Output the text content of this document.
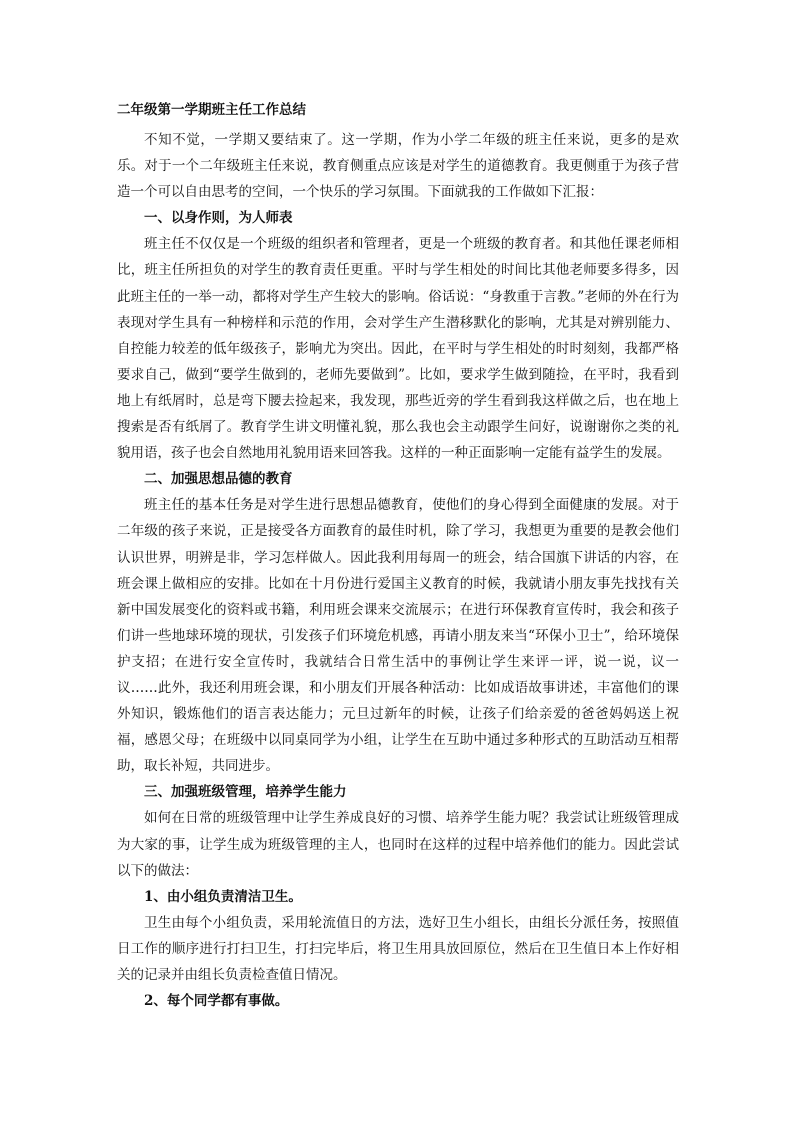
二年级第一学期班主任工作总结

不知不觉，一学期又要结束了。这一学期，作为小学二年级的班主任来说，更多的是欢乐。对于一个二年级班主任来说，教育侧重点应该是对学生的道德教育。我更侧重于为孩子营造一个可以自由思考的空间，一个快乐的学习氛围。下面就我的工作做如下汇报：

一、以身作则，为人师表

班主任不仅仅是一个班级的组织者和管理者，更是一个班级的教育者。和其他任课老师相比，班主任所担负的对学生的教育责任更重。平时与学生相处的时间比其他老师要多得多，因此班主任的一举一动，都将对学生产生较大的影响。俗话说：“身教重于言教。”老师的外在行为表现对学生具有一种榜样和示范的作用，会对学生产生潜移默化的影响，尤其是对辨别能力、自控能力较差的低年级孩子，影响尤为突出。因此，在平时与学生相处的时时刻刻，我都严格要求自己，做到“要学生做到的，老师先要做到”。比如，要求学生做到随捡，在平时，我看到地上有纸屑时，总是弯下腰去捡起来，我发现，那些近旁的学生看到我这样做之后，也在地上搜索是否有纸屑了。教育学生讲文明懂礼貌，那么我也会主动跟学生问好，说谢谢你之类的礼貌用语，孩子也会自然地用礼貌用语来回答我。这样的一种正面影响一定能有益学生的发展。

二、加强思想品德的教育

班主任的基本任务是对学生进行思想品德教育，使他们的身心得到全面健康的发展。对于二年级的孩子来说，正是接受各方面教育的最佳时机，除了学习，我想更为重要的是教会他们认识世界，明辨是非，学习怎样做人。因此我利用每周一的班会，结合国旗下讲话的内容，在班会课上做相应的安排。比如在十月份进行爱国主义教育的时候，我就请小朋友事先找找有关新中国发展变化的资料或书籍，利用班会课来交流展示；在进行环保教育宣传时，我会和孩子们讲一些地球环境的现状，引发孩子们环境危机感，再请小朋友来当“环保小卫士”，给环境保护支招；在进行安全宣传时，我就结合日常生活中的事例让学生来评一评，说一说，议一议……此外，我还利用班会课，和小朋友们开展各种活动：比如成语故事讲述，丰富他们的课外知识，锻炼他们的语言表达能力；元旦过新年的时候，让孩子们给亲爱的爸爸妈妈送上祝福，感恩父母；在班级中以同桌同学为小组，让学生在互助中通过多种形式的互助活动互相帮助，取长补短，共同进步。

三、加强班级管理，培养学生能力

如何在日常的班级管理中让学生养成良好的习惯、培养学生能力呢？我尝试让班级管理成为大家的事，让学生成为班级管理的主人，也同时在这样的过程中培养他们的能力。因此尝试以下的做法：

1、由小组负责清洁卫生。

卫生由每个小组负责，采用轮流值日的方法，选好卫生小组长，由组长分派任务，按照值日工作的顺序进行打扫卫生，打扫完毕后，将卫生用具放回原位，然后在卫生值日本上作好相关的记录并由组长负责检查值日情况。

2、每个同学都有事做。
